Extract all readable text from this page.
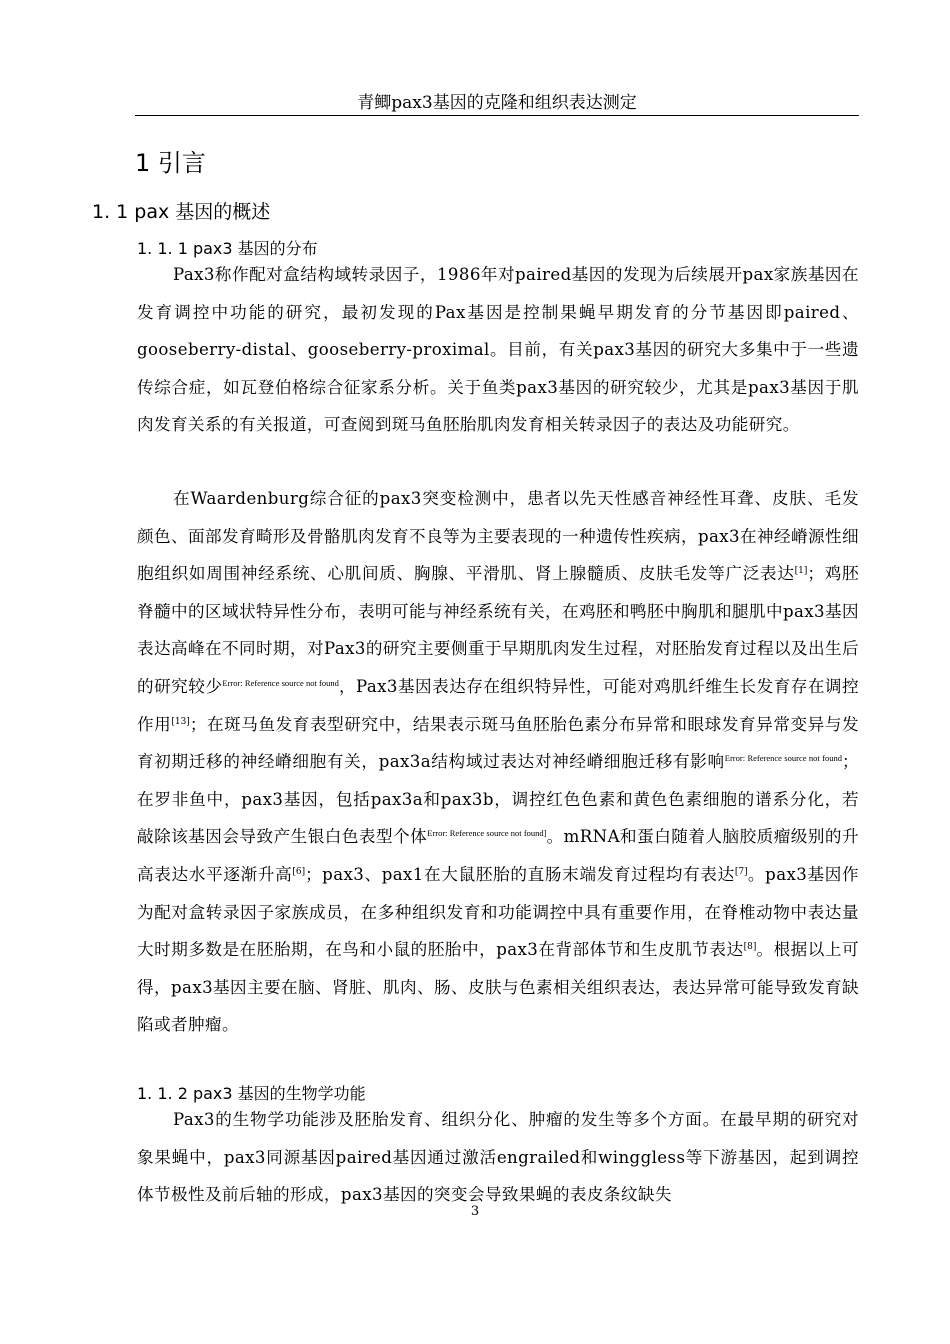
青鲫pax3基因的克隆和组织表达测定
1 引言
1. 1 pax 基因的概述
1. 1. 1 pax3 基因的分布
Pax3称作配对盒结构域转录因子，1986年对paired基因的发现为后续展开pax家族基因在发育调控中功能的研究，最初发现的Pax基因是控制果蝇早期发育的分节基因即paired、gooseberry-distal、gooseberry-proximal。目前，有关pax3基因的研究大多集中于一些遗传综合症，如瓦登伯格综合征家系分析。关于鱼类pax3基因的研究较少，尤其是pax3基因于肌肉发育关系的有关报道，可查阅到斑马鱼胚胎肌肉发育相关转录因子的表达及功能研究。
在Waardenburg综合征的pax3突变检测中，患者以先天性感音神经性耳聋、皮肤、毛发颜色、面部发育畸形及骨骼肌肉发育不良等为主要表现的一种遗传性疾病，pax3在神经嵴源性细胞组织如周围神经系统、心肌间质、胸腺、平滑肌、肾上腺髓质、皮肤毛发等广泛表达[1]；鸡胚脊髓中的区域状特异性分布，表明可能与神经系统有关，在鸡胚和鸭胚中胸肌和腿肌中pax3基因表达高峰在不同时期，对Pax3的研究主要侧重于早期肌肉发生过程，对胚胎发育过程以及出生后的研究较少$^{Error: Reference source not found}$，Pax3基因表达存在组织特异性，可能对鸡肌纤维生长发育存在调控作用[13]；在斑马鱼发育表型研究中，结果表示斑马鱼胚胎色素分布异常和眼球发育异常变异与发育初期迁移的神经嵴细胞有关，pax3a结构域过表达对神经嵴细胞迁移有影响$^{Error: Reference source not found}$；在罗非鱼中，pax3基因，包括pax3a和pax3b，调控红色色素和黄色色素细胞的谱系分化，若敲除该基因会导致产生银白色表型个体$^{Error: Reference source not found]}$。mRNA和蛋白随着人脑胶质瘤级别的升高表达水平逐渐升高[6]；pax3、pax1在大鼠胚胎的直肠末端发育过程均有表达[7]。pax3基因作为配对盒转录因子家族成员，在多种组织发育和功能调控中具有重要作用，在脊椎动物中表达量大时期多数是在胚胎期，在鸟和小鼠的胚胎中，pax3在背部体节和生皮肌节表达[8]。根据以上可得，pax3基因主要在脑、肾脏、肌肉、肠、皮肤与色素相关组织表达，表达异常可能导致发育缺陷或者肿瘤。
1. 1. 2 pax3 基因的生物学功能
Pax3的生物学功能涉及胚胎发育、组织分化、肿瘤的发生等多个方面。在最早期的研究对象果蝇中，pax3同源基因paired基因通过激活engrailed和winggless等下游基因，起到调控体节极性及前后轴的形成，pax3基因的突变会导致果蝇的表皮条纹缺失
3
